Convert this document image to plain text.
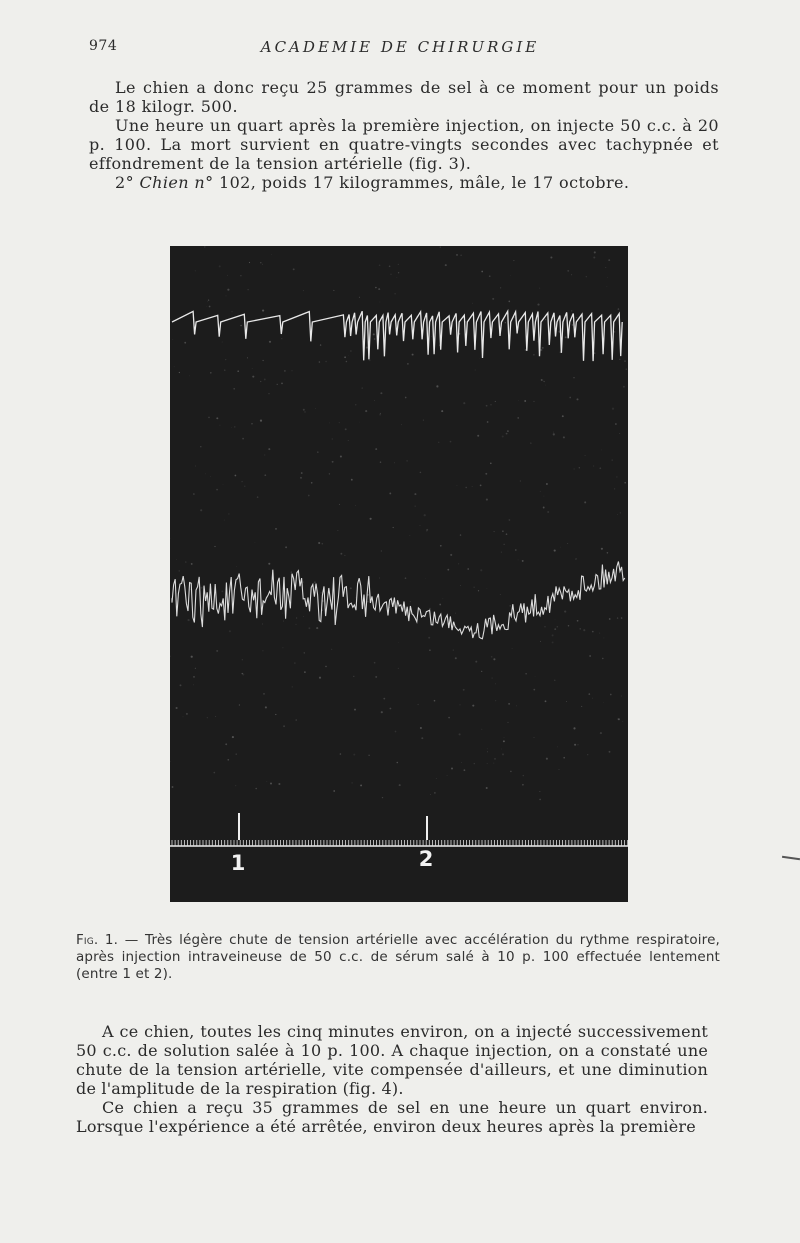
974	ACADEMIE DE CHIRURGIE

Le chien a donc reçu 25 grammes de sel à ce moment pour un poids de 18 kilogr. 500.

Une heure un quart après la première injection, on injecte 50 c.c. à 20 p. 100. La mort survient en quatre-vingts secondes avec tachypnée et effondrement de la tension artérielle (fig. 3).

2° Chien n° 102, poids 17 kilogrammes, mâle, le 17 octobre.

1	2
Fig. 1. — Très légère chute de tension artérielle avec accélération du rythme respiratoire, après injection intraveineuse de 50 c.c. de sérum salé à 10 p. 100 effectuée lentement (entre 1 et 2).

A ce chien, toutes les cinq minutes environ, on a injecté successivement 50 c.c. de solution salée à 10 p. 100. A chaque injection, on a constaté une chute de la tension artérielle, vite compensée d'ailleurs, et une diminution de l'amplitude de la respiration (fig. 4).

Ce chien a reçu 35 grammes de sel en une heure un quart environ. Lorsque l'expérience a été arrêtée, environ deux heures après la première
